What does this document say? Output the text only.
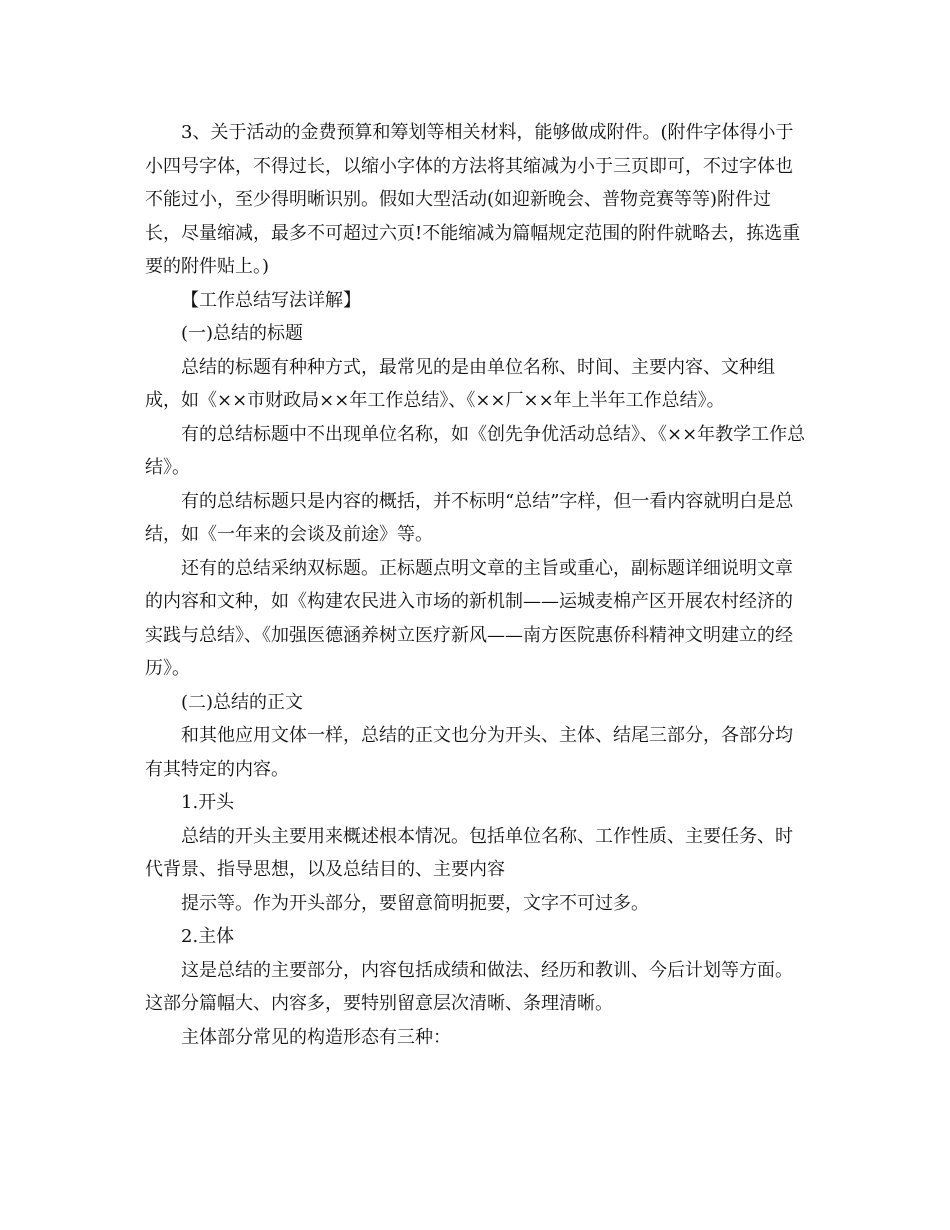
3、关于活动的金费预算和筹划等相关材料，能够做成附件。(附件字体得小于小四号字体，不得过长，以缩小字体的方法将其缩减为小于三页即可，不过字体也不能过小，至少得明晰识别。假如大型活动(如迎新晚会、普物竞赛等等)附件过长，尽量缩减，最多不可超过六页!不能缩减为篇幅规定范围的附件就略去，拣选重要的附件贴上。)

【工作总结写法详解】

(一)总结的标题

总结的标题有种种方式，最常见的是由单位名称、时间、主要内容、文种组成，如《××市财政局××年工作总结》、《××厂××年上半年工作总结》。

有的总结标题中不出现单位名称，如《创先争优活动总结》、《××年教学工作总结》。

有的总结标题只是内容的概括，并不标明“总结”字样，但一看内容就明白是总结，如《一年来的会谈及前途》等。

还有的总结采纳双标题。正标题点明文章的主旨或重心，副标题详细说明文章的内容和文种，如《构建农民进入市场的新机制——运城麦棉产区开展农村经济的实践与总结》、《加强医德涵养树立医疗新风——南方医院惠侨科精神文明建立的经历》。

(二)总结的正文

和其他应用文体一样，总结的正文也分为开头、主体、结尾三部分，各部分均有其特定的内容。

1.开头

总结的开头主要用来概述根本情况。包括单位名称、工作性质、主要任务、时代背景、指导思想，以及总结目的、主要内容

提示等。作为开头部分，要留意简明扼要，文字不可过多。

2.主体

这是总结的主要部分，内容包括成绩和做法、经历和教训、今后计划等方面。这部分篇幅大、内容多，要特别留意层次清晰、条理清晰。

主体部分常见的构造形态有三种：
